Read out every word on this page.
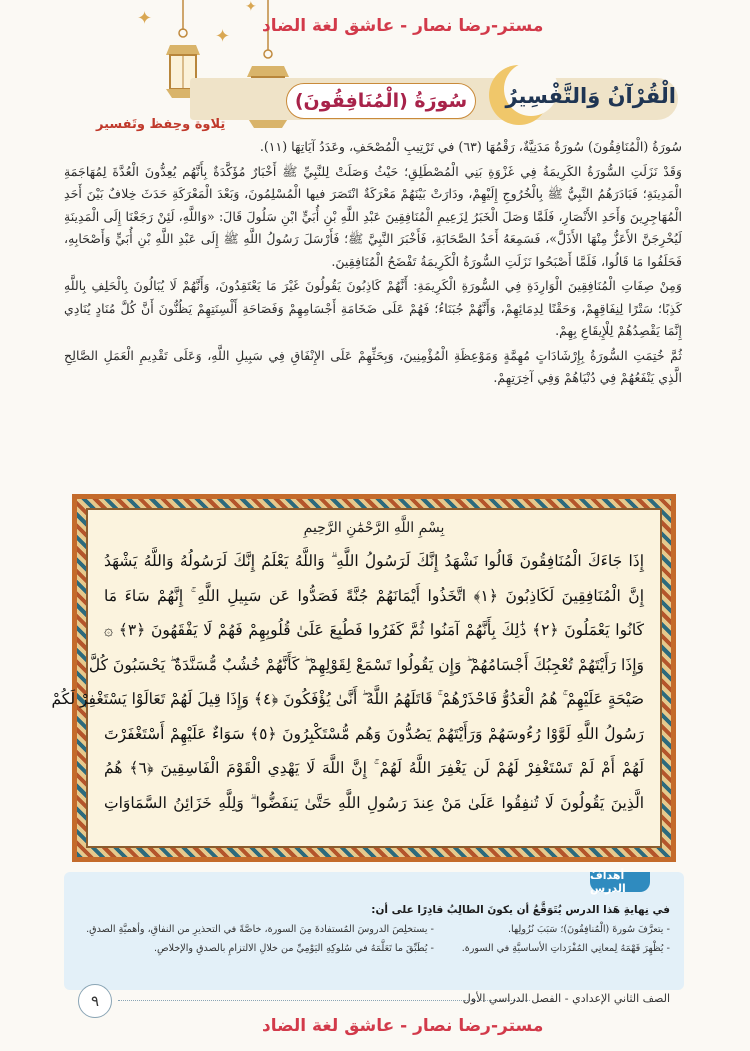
✦
✦
✦
مستر-رضا نصار - عاشق لغة الضاد
سُورَةُ (الْمُنَافِقُونَ)	الْقُرْآنُ وَالتَّفْسِيرُ
تِلاوة وحِفظ وتَفسير

سُورَةُ (الْمُنَافِقُونَ) سُورَةٌ مَدَنِيَّةٌ، رَقْمُهَا (٦٣) في تَرْتِيبِ الْمُصْحَفِ، وعَدَدُ آيَاتِهَا (١١).

وَقَدْ نَزَلَتِ السُّورَةُ الكَرِيمَةُ فِي غَزْوَةِ بَنِي الْمُصْطَلِقِ؛ حَيْثُ وَصَلَتْ لِلنَّبِيِّ ﷺ أَخْبَارٌ مُؤَكَّدَةٌ بِأَنَّهُم يُعِدُّونَ الْعُدَّةَ لِمُهَاجَمَةِ الْمَدِينَةِ؛ فَبَادَرَهُمُ النَّبِيُّ ﷺ بِالْخُرُوجِ إِلَيْهِمْ، ودَارَتْ بَيْنَهُمْ مَعْرَكَةٌ انْتَصَرَ فيها الْمُسْلِمُونَ، وَبَعْدَ الْمَعْرَكَةِ حَدَثَ خِلافٌ بَيْنَ أَحَدِ الْمُهَاجِرِينَ وَأَحَدِ الأَنْصَارِ، فَلَمَّا وَصَلَ الْخَبَرُ لِزَعِيمِ الْمُنَافِقِينَ عَبْدِ اللَّهِ بْنِ أُبَيٍّ ابْنِ سَلُولَ قَالَ: «وَاللَّهِ، لَئِنْ رَجَعْنَا إِلَى الْمَدِينَةِ لَيُخْرِجَنَّ الأَعَزُّ مِنْهَا الأَذَلَّ»، فَسَمِعَهُ أَحَدُ الصَّحَابَةِ، فَأَخْبَرَ النَّبِيَّ ﷺ؛ فَأَرْسَلَ رَسُولُ اللَّهِ ﷺ إِلَى عَبْدِ اللَّهِ بْنِ أُبَيٍّ وَأَصْحَابِهِ، فَحَلَفُوا مَا قَالُوا، فَلَمَّا أَصْبَحُوا نَزَلَتِ السُّورَةُ الْكَرِيمَةُ تَفْضَحُ الْمُنَافِقِينَ.

وَمِنْ صِفَاتِ الْمُنَافِقِينَ الْوَارِدَةِ فِي السُّورَةِ الْكَرِيمَةِ: أَنَّهُمْ كَاذِبُونَ يَقُولُونَ غَيْرَ مَا يَعْتَقِدُونَ، وَأَنَّهُمْ لَا يُبَالُونَ بِالْحَلِفِ بِاللَّهِ كَذِبًا؛ سَتْرًا لِنِفَاقِهِمْ، وَحَقْنًا لِدِمَائِهِمْ، وَأَنَّهُمْ جُبَنَاءُ؛ فَهُمْ عَلَى ضَخَامَةِ أَجْسَامِهِمْ وَفَصَاحَةِ أَلْسِنَتِهِمْ يَظُنُّونَ أَنَّ كُلَّ مُنَادٍ يُنَادِي إِنَّمَا يَقْصِدُهُمْ لِلْإِيقَاعِ بِهِمْ.

ثُمَّ خُتِمَتِ السُّورَةُ بِإِرْشَادَاتٍ مُهِمَّةٍ وَمَوْعِظَةِ الْمُؤْمِنِينَ، وَبِحَثِّهِمْ عَلَى الإِنْفَاقِ فِي سَبِيلِ اللَّهِ، وَعَلَى تَقْدِيمِ الْعَمَلِ الصَّالِحِ الَّذِي يَنْفَعُهُمْ فِي دُنْيَاهُمْ وَفِي آخِرَتِهِمْ.

بِسْمِ اللَّهِ الرَّحْمَٰنِ الرَّحِيمِ
إِذَا جَاءَكَ الْمُنَافِقُونَ قَالُوا نَشْهَدُ إِنَّكَ لَرَسُولُ اللَّهِ ۗ وَاللَّهُ يَعْلَمُ إِنَّكَ لَرَسُولُهُ وَاللَّهُ يَشْهَدُ
إِنَّ الْمُنَافِقِينَ لَكَاذِبُونَ ﴿١﴾ اتَّخَذُوا أَيْمَانَهُمْ جُنَّةً فَصَدُّوا عَن سَبِيلِ اللَّهِ ۚ إِنَّهُمْ سَاءَ مَا
كَانُوا يَعْمَلُونَ ﴿٢﴾ ذَٰلِكَ بِأَنَّهُمْ آمَنُوا ثُمَّ كَفَرُوا فَطُبِعَ عَلَىٰ قُلُوبِهِمْ فَهُمْ لَا يَفْقَهُونَ ﴿٣﴾ ۞
وَإِذَا رَأَيْتَهُمْ تُعْجِبُكَ أَجْسَامُهُمْ ۖ وَإِن يَقُولُوا تَسْمَعْ لِقَوْلِهِمْ ۖ كَأَنَّهُمْ خُشُبٌ مُّسَنَّدَةٌ ۖ يَحْسَبُونَ كُلَّ
صَيْحَةٍ عَلَيْهِمْ ۚ هُمُ الْعَدُوُّ فَاحْذَرْهُمْ ۚ قَاتَلَهُمُ اللَّهُ ۖ أَنَّىٰ يُؤْفَكُونَ ﴿٤﴾ وَإِذَا قِيلَ لَهُمْ تَعَالَوْا يَسْتَغْفِرْ لَكُمْ
رَسُولُ اللَّهِ لَوَّوْا رُءُوسَهُمْ وَرَأَيْتَهُمْ يَصُدُّونَ وَهُم مُّسْتَكْبِرُونَ ﴿٥﴾ سَوَاءٌ عَلَيْهِمْ أَسْتَغْفَرْتَ
لَهُمْ أَمْ لَمْ تَسْتَغْفِرْ لَهُمْ لَن يَغْفِرَ اللَّهُ لَهُمْ ۚ إِنَّ اللَّهَ لَا يَهْدِي الْقَوْمَ الْفَاسِقِينَ ﴿٦﴾ هُمُ
الَّذِينَ يَقُولُونَ لَا تُنفِقُوا عَلَىٰ مَنْ عِندَ رَسُولِ اللَّهِ حَتَّىٰ يَنفَضُّوا ۗ وَلِلَّهِ خَزَائِنُ السَّمَاوَاتِ
أهدافُ الدرس
في نِهايةِ هَذا الدرس يُتَوَقَّعُ أن يكونَ الطالِبُ قادِرًا على أن:
- يتعرَّفَ سُورةَ (الْمُنافِقُونَ)؛ سَبَبَ نُزُولِها.
- يُظْهِرَ فَهْمَهُ لِمعانِي المُفْرَداتِ الأساسيَّةِ في السورة.
- يستخلِصَ الدروسَ المُستفادةَ مِنَ السورة، خاصَّةً في التحذيرِ من النفاقِ، وأهميَّةِ الصدقِ.
- يُطَبِّقَ ما تَعَلَّمَهُ في سُلوكِهِ اليَوْمِيِّ من خلالِ الالتزامِ بالصدقِ والإخلاصِ.
الصف الثاني الإعدادي - الفصل الدراسي الأول
٩
مستر-رضا نصار - عاشق لغة الضاد
